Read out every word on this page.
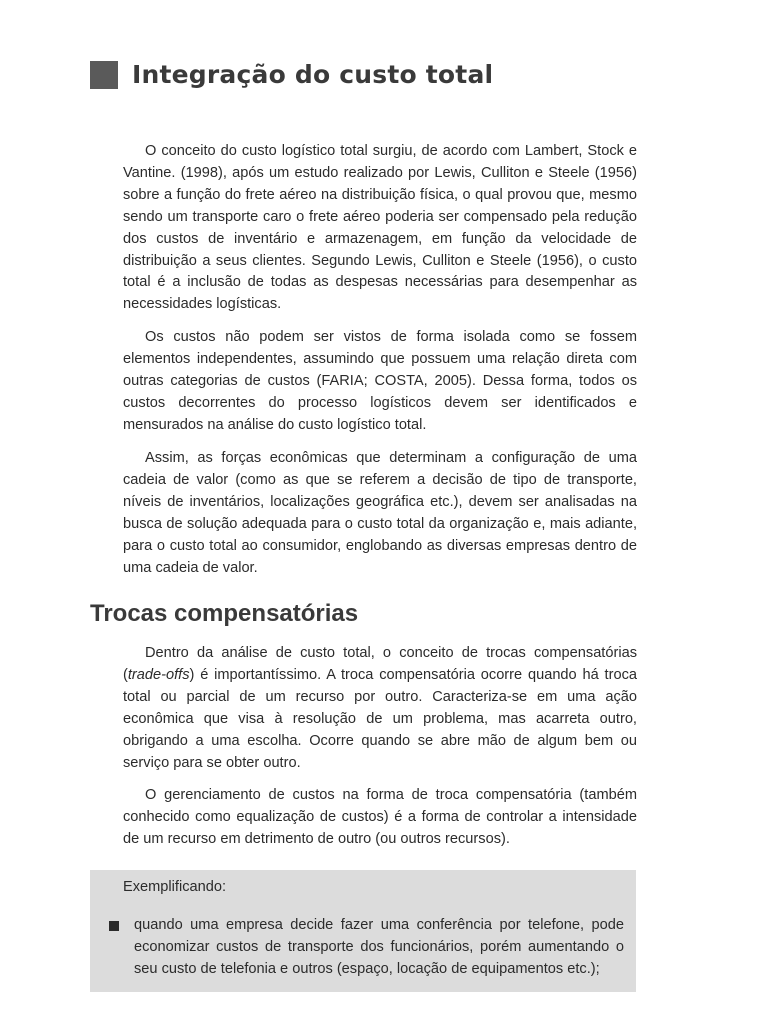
Integração do custo total

O conceito do custo logístico total surgiu, de acordo com Lambert, Stock e Vantine. (1998), após um estudo realizado por Lewis, Culliton e Steele (1956) sobre a função do frete aéreo na distribuição física, o qual provou que, mesmo sendo um transporte caro o frete aéreo poderia ser compensado pela redução dos custos de inventário e armazenagem, em função da velocidade de distribuição a seus clientes. Segundo Lewis, Culliton e Steele (1956), o custo total é a inclusão de todas as despesas necessárias para desempenhar as necessidades logísticas.

Os custos não podem ser vistos de forma isolada como se fossem elementos independentes, assumindo que possuem uma relação direta com outras categorias de custos (FARIA; COSTA, 2005). Dessa forma, todos os custos decorrentes do processo logísticos devem ser identificados e mensurados na análise do custo logístico total.

Assim, as forças econômicas que determinam a configuração de uma cadeia de valor (como as que se referem a decisão de tipo de transporte, níveis de inventários, localizações geográfica etc.), devem ser analisadas na busca de solução adequada para o custo total da organização e, mais adiante, para o custo total ao consumidor, englobando as diversas empresas dentro de uma cadeia de valor.

Trocas compensatórias

Dentro da análise de custo total, o conceito de trocas compensatórias (trade-offs) é importantíssimo. A troca compensatória ocorre quando há troca total ou parcial de um recurso por outro. Caracteriza-se em uma ação econômica que visa à resolução de um problema, mas acarreta outro, obrigando a uma escolha. Ocorre quando se abre mão de algum bem ou serviço para se obter outro.

O gerenciamento de custos na forma de troca compensatória (também conhecido como equalização de custos) é a forma de controlar a intensidade de um recurso em detrimento de outro (ou outros recursos).

Exemplificando:
quando uma empresa decide fazer uma conferência por telefone, pode economizar custos de transporte dos funcionários, porém aumentando o seu custo de telefonia e outros (espaço, locação de equipamentos etc.);
